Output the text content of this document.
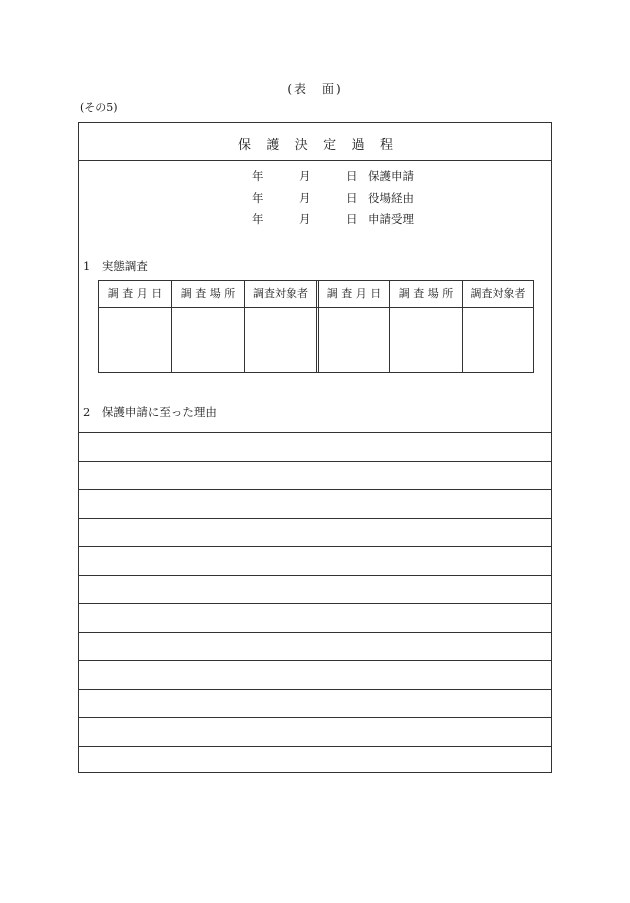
(表　面)
(その5)
保 護 決 定 過 程
年	月	日 保護申請
年	月	日 役場経由
年	月	日 申請受理
1　実態調査
調 査 月 日	調 査 場 所	調査対象者	調 査 月 日	調 査 場 所	調査対象者
2　保護申請に至った理由
